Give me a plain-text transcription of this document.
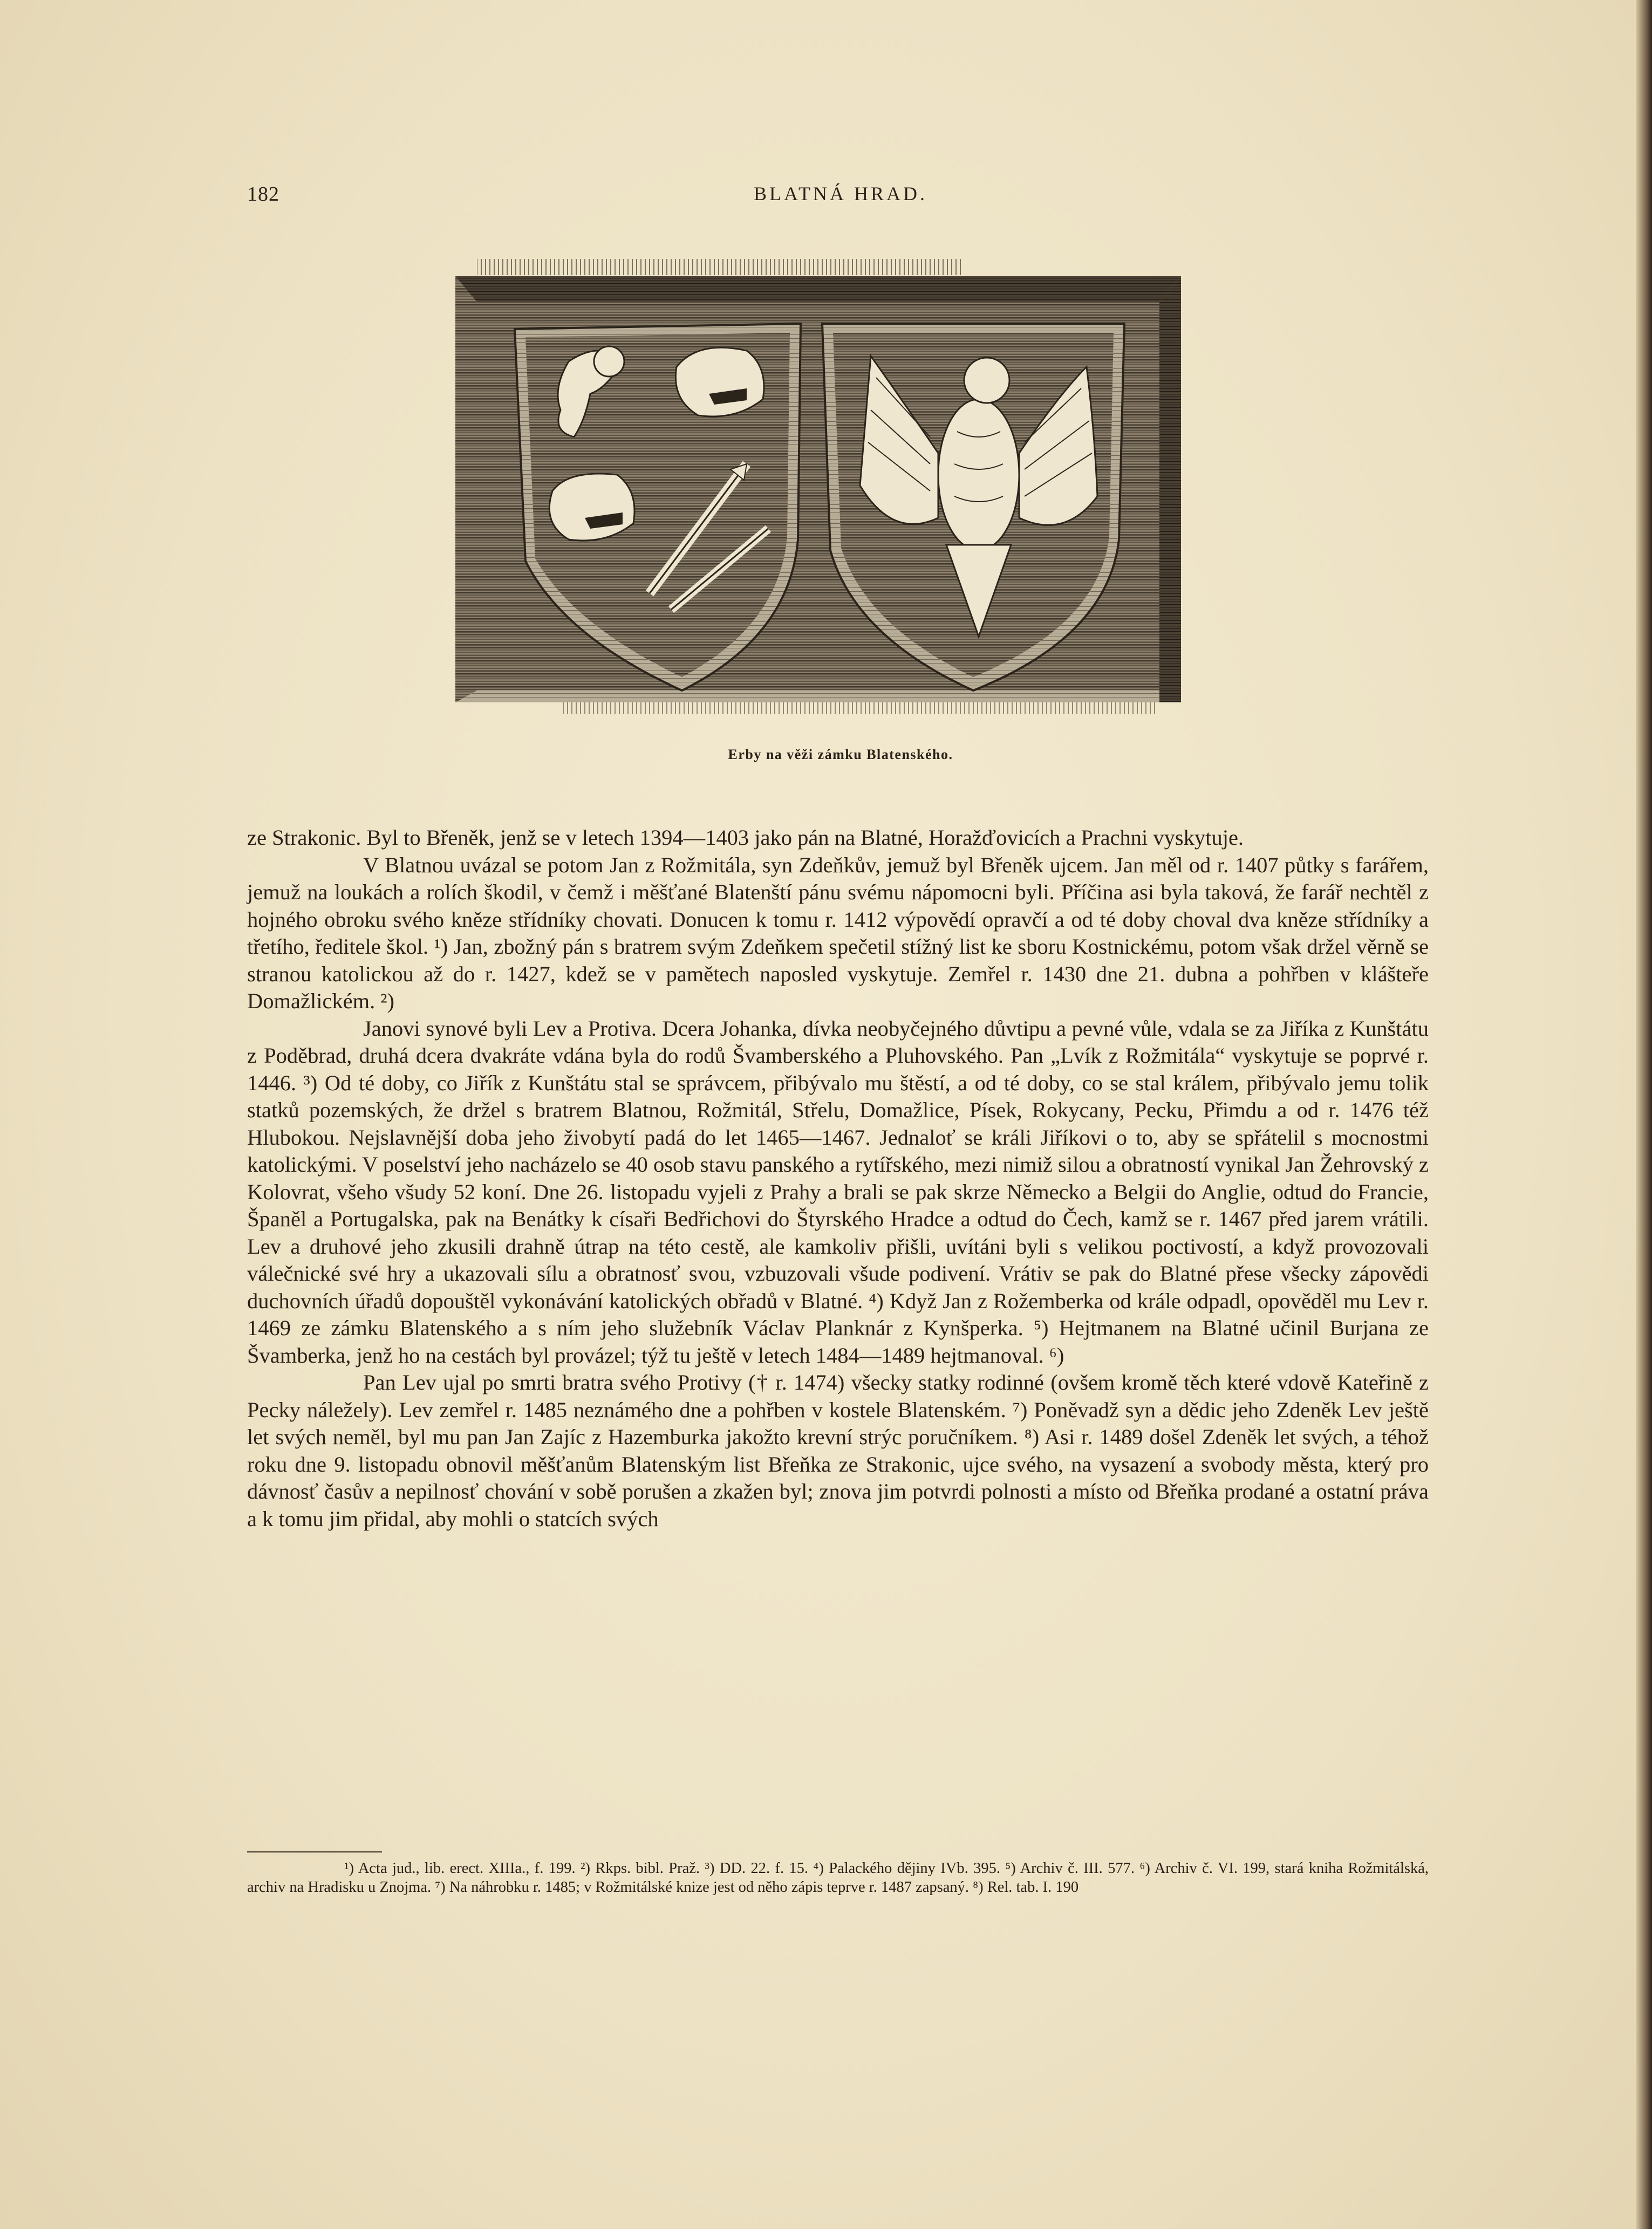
182	BLATNÁ HRAD.
Erby na věži zámku Blatenského.

ze Strakonic. Byl to Břeněk, jenž se v letech 1394—1403 jako pán na Blatné, Horažďovicích a Prachni vyskytuje.

V Blatnou uvázal se potom Jan z Rožmitála, syn Zdeňkův, jemuž byl Břeněk ujcem. Jan měl od r. 1407 půtky s farářem, jemuž na loukách a rolích škodil, v čemž i měšťané Blatenští pánu svému nápomocni byli. Příčina asi byla taková, že farář nechtěl z hojného obroku svého kněze střídníky chovati. Donucen k tomu r. 1412 výpovědí opravčí a od té doby choval dva kněze střídníky a třetího, ředitele škol. ¹) Jan, zbožný pán s bratrem svým Zdeňkem spečetil stížný list ke sboru Kostnickému, potom však držel věrně se stranou katolickou až do r. 1427, kdež se v pamětech naposled vyskytuje. Zemřel r. 1430 dne 21. dubna a pohřben v klášteře Domažlickém. ²)

Janovi synové byli Lev a Protiva. Dcera Johanka, dívka neobyčejného důvtipu a pevné vůle, vdala se za Jiříka z Kunštátu z Poděbrad, druhá dcera dvakráte vdána byla do rodů Švamberského a Pluhovského. Pan „Lvík z Rožmitála“ vyskytuje se poprvé r. 1446. ³) Od té doby, co Jiřík z Kunštátu stal se správcem, přibývalo mu štěstí, a od té doby, co se stal králem, přibývalo jemu tolik statků pozemských, že držel s bratrem Blatnou, Rožmitál, Střelu, Domažlice, Písek, Rokycany, Pecku, Přimdu a od r. 1476 též Hlubokou. Nejslavnější doba jeho živobytí padá do let 1465—1467. Jednaloť se králi Jiříkovi o to, aby se spřátelil s mocnostmi katolickými. V poselství jeho nacházelo se 40 osob stavu panského a rytířského, mezi nimiž silou a obratností vynikal Jan Žehrovský z Kolovrat, všeho všudy 52 koní. Dne 26. listopadu vyjeli z Prahy a brali se pak skrze Německo a Belgii do Anglie, odtud do Francie, Španěl a Portugalska, pak na Benátky k císaři Bedřichovi do Štyrského Hradce a odtud do Čech, kamž se r. 1467 před jarem vrátili. Lev a druhové jeho zkusili drahně útrap na této cestě, ale kamkoliv přišli, uvítáni byli s velikou poctivostí, a když provozovali válečnické své hry a ukazovali sílu a obratnosť svou, vzbuzovali všude podivení. Vrátiv se pak do Blatné přese všecky zápovědi duchovních úřadů dopouštěl vykonávání katolických obřadů v Blatné. ⁴) Když Jan z Rožemberka od krále odpadl, opověděl mu Lev r. 1469 ze zámku Blatenského a s ním jeho služebník Václav Planknár z Kynšperka. ⁵) Hejtmanem na Blatné učinil Burjana ze Švamberka, jenž ho na cestách byl provázel; týž tu ještě v letech 1484—1489 hejtmanoval. ⁶)

Pan Lev ujal po smrti bratra svého Protivy († r. 1474) všecky statky rodinné (ovšem kromě těch které vdově Kateřině z Pecky náležely). Lev zemřel r. 1485 neznámého dne a pohřben v kostele Blatenském. ⁷) Poněvadž syn a dědic jeho Zdeněk Lev ještě let svých neměl, byl mu pan Jan Zajíc z Hazemburka jakožto krevní strýc poručníkem. ⁸) Asi r. 1489 došel Zdeněk let svých, a téhož roku dne 9. listopadu obnovil měšťanům Blatenským list Břeňka ze Strakonic, ujce svého, na vysazení a svobody města, který pro dávnosť časův a nepilnosť chování v sobě porušen a zkažen byl; znova jim potvrdi polnosti a místo od Břeňka prodané a ostatní práva a k tomu jim přidal, aby mohli o statcích svých

¹) Acta jud., lib. erect. XIIIa., f. 199. ²) Rkps. bibl. Praž. ³) DD. 22. f. 15. ⁴) Palackého dějiny IVb. 395. ⁵) Archiv č. III. 577. ⁶) Archiv č. VI. 199, stará kniha Rožmitálská, archiv na Hradisku u Znojma. ⁷) Na náhrobku r. 1485; v Rožmitálské knize jest od něho zápis teprve r. 1487 zapsaný. ⁸) Rel. tab. I. 190
